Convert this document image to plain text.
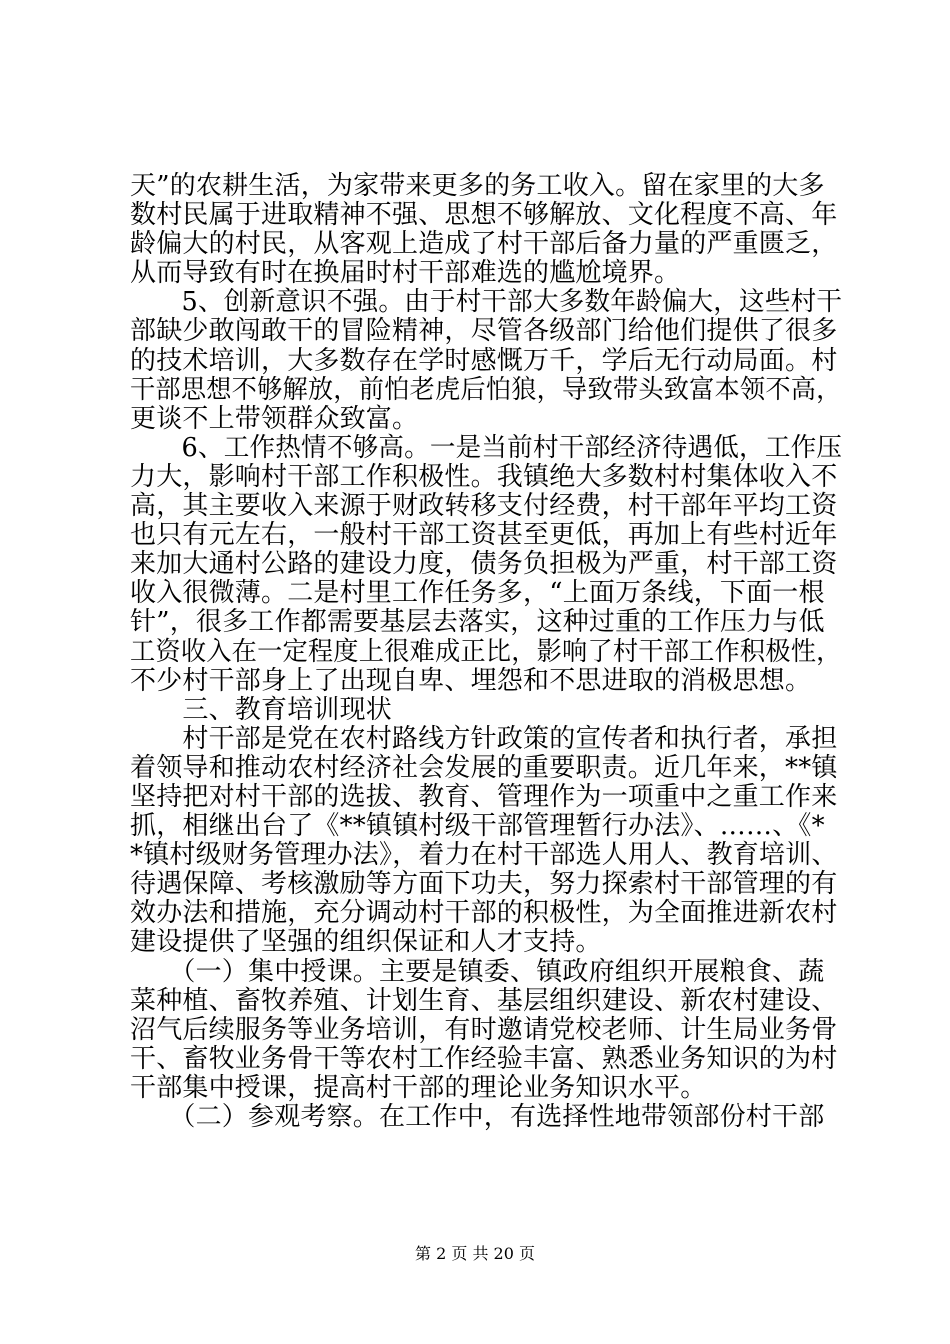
天”的农耕生活，为家带来更多的务工收入。留在家里的大多
数村民属于进取精神不强、思想不够解放、文化程度不高、年
龄偏大的村民，从客观上造成了村干部后备力量的严重匮乏，
从而导致有时在换届时村干部难选的尴尬境界。
　　5、创新意识不强。由于村干部大多数年龄偏大，这些村干
部缺少敢闯敢干的冒险精神，尽管各级部门给他们提供了很多
的技术培训，大多数存在学时感慨万千，学后无行动局面。村
干部思想不够解放，前怕老虎后怕狼，导致带头致富本领不高，
更谈不上带领群众致富。
　　6、工作热情不够高。一是当前村干部经济待遇低，工作压
力大，影响村干部工作积极性。我镇绝大多数村村集体收入不
高，其主要收入来源于财政转移支付经费，村干部年平均工资
也只有元左右，一般村干部工资甚至更低，再加上有些村近年
来加大通村公路的建设力度，债务负担极为严重，村干部工资
收入很微薄。二是村里工作任务多，“上面万条线，下面一根
针”，很多工作都需要基层去落实，这种过重的工作压力与低
工资收入在一定程度上很难成正比，影响了村干部工作积极性，
不少村干部身上了出现自卑、埋怨和不思进取的消极思想。
　　三、教育培训现状
　　村干部是党在农村路线方针政策的宣传者和执行者，承担
着领导和推动农村经济社会发展的重要职责。近几年来，**镇
坚持把对村干部的选拔、教育、管理作为一项重中之重工作来
抓，相继出台了《**镇镇村级干部管理暂行办法》、……、《*
*镇村级财务管理办法》，着力在村干部选人用人、教育培训、
待遇保障、考核激励等方面下功夫，努力探索村干部管理的有
效办法和措施，充分调动村干部的积极性，为全面推进新农村
建设提供了坚强的组织保证和人才支持。
　　（一）集中授课。主要是镇委、镇政府组织开展粮食、蔬
菜种植、畜牧养殖、计划生育、基层组织建设、新农村建设、
沼气后续服务等业务培训，有时邀请党校老师、计生局业务骨
干、畜牧业务骨干等农村工作经验丰富、熟悉业务知识的为村
干部集中授课，提高村干部的理论业务知识水平。
　　（二）参观考察。在工作中，有选择性地带领部份村干部
第 2 页 共 20 页
